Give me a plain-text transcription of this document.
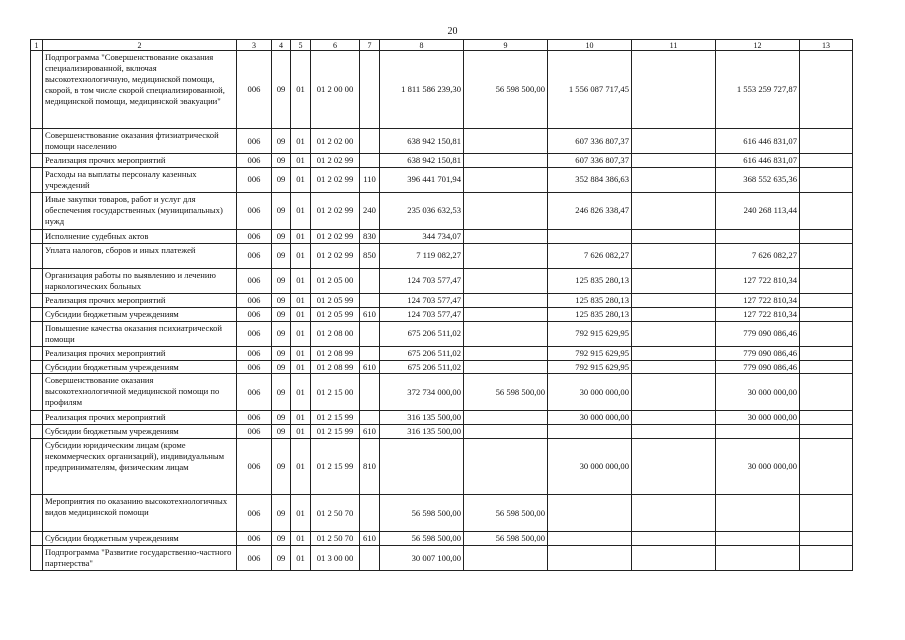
20
1	2	3	4	5	6	7	8	9	10	11	12	13
	Подпрограмма "Совершенствование оказания специализированной, включая высокотехнологичную, медицинской помощи, скорой, в том числе скорой специализированной, медицинской помощи, медицинской эвакуации"	006	09	01	01 2 00 00		1 811 586 239,30	56 598 500,00	1 556 087 717,45		1 553 259 727,87	
	Совершенствование оказания фтизиатрической помощи населению	006	09	01	01 2 02 00		638 942 150,81		607 336 807,37		616 446 831,07	
	Реализация прочих мероприятий	006	09	01	01 2 02 99		638 942 150,81		607 336 807,37		616 446 831,07	
	Расходы на выплаты персоналу казенных учреждений	006	09	01	01 2 02 99	110	396 441 701,94		352 884 386,63		368 552 635,36	
	Иные закупки товаров, работ и услуг для обеспечения государственных (муниципальных) нужд	006	09	01	01 2 02 99	240	235 036 632,53		246 826 338,47		240 268 113,44	
	Исполнение судебных актов	006	09	01	01 2 02 99	830	344 734,07					
	Уплата налогов, сборов и иных платежей	006	09	01	01 2 02 99	850	7 119 082,27		7 626 082,27		7 626 082,27	
	Организация работы по выявлению и лечению наркологических больных	006	09	01	01 2 05 00		124 703 577,47		125 835 280,13		127 722 810,34	
	Реализация прочих мероприятий	006	09	01	01 2 05 99		124 703 577,47		125 835 280,13		127 722 810,34	
	Субсидии бюджетным учреждениям	006	09	01	01 2 05 99	610	124 703 577,47		125 835 280,13		127 722 810,34	
	Повышение качества оказания психиатрической помощи	006	09	01	01 2 08 00		675 206 511,02		792 915 629,95		779 090 086,46	
	Реализация прочих мероприятий	006	09	01	01 2 08 99		675 206 511,02		792 915 629,95		779 090 086,46	
	Субсидии бюджетным учреждениям	006	09	01	01 2 08 99	610	675 206 511,02		792 915 629,95		779 090 086,46	
	Совершенствование оказания высокотехнологичной медицинской помощи по профилям	006	09	01	01 2 15 00		372 734 000,00	56 598 500,00	30 000 000,00		30 000 000,00	
	Реализация прочих мероприятий	006	09	01	01 2 15 99		316 135 500,00		30 000 000,00		30 000 000,00	
	Субсидии бюджетным учреждениям	006	09	01	01 2 15 99	610	316 135 500,00					
	Субсидии юридическим лицам (кроме некоммерческих организаций), индивидуальным предпринимателям, физическим лицам	006	09	01	01 2 15 99	810			30 000 000,00		30 000 000,00	
	Мероприятия по оказанию высокотехнологичных видов медицинской помощи	006	09	01	01 2 50 70		56 598 500,00	56 598 500,00				
	Субсидии бюджетным учреждениям	006	09	01	01 2 50 70	610	56 598 500,00	56 598 500,00				
	Подпрограмма "Развитие государственно-частного партнерства"	006	09	01	01 3 00 00		30 007 100,00					
